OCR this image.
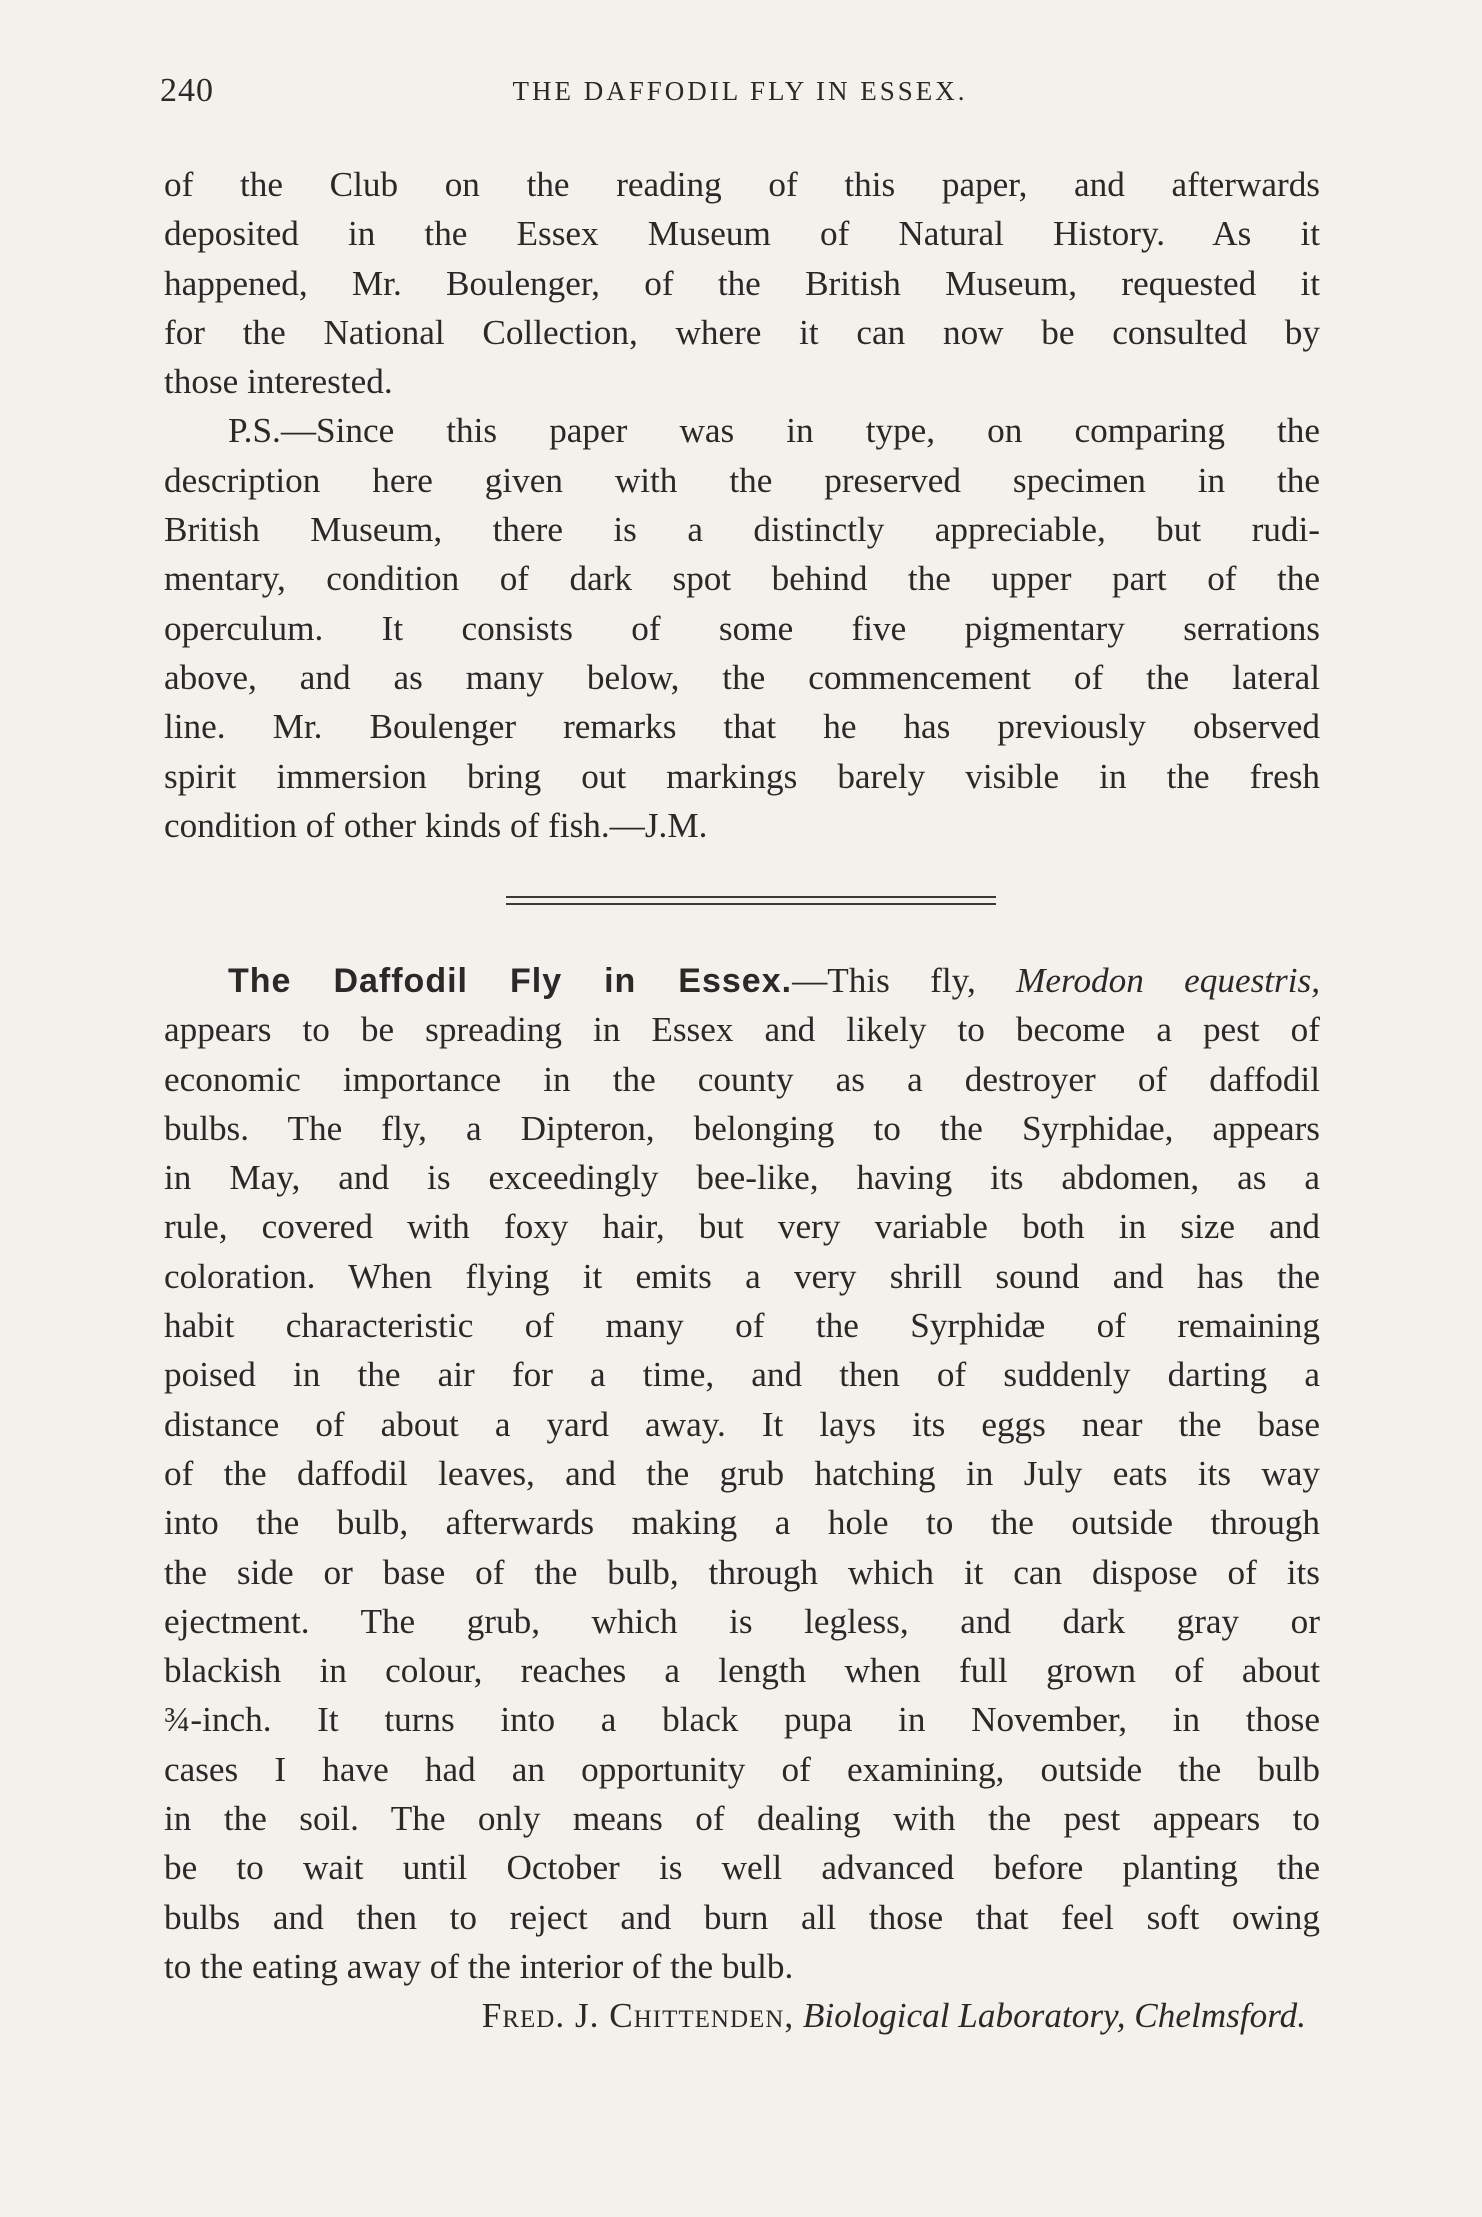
240	THE DAFFODIL FLY IN ESSEX.
of the Club on the reading of this paper, and afterwards
deposited in the Essex Museum of Natural History. As it
happened, Mr. Boulenger, of the British Museum, requested it
for the National Collection, where it can now be consulted by
those interested.
P.S.—Since this paper was in type, on comparing the
description here given with the preserved specimen in the
British Museum, there is a distinctly appreciable, but rudi-
mentary, condition of dark spot behind the upper part of the
operculum. It consists of some five pigmentary serrations
above, and as many below, the commencement of the lateral
line. Mr. Boulenger remarks that he has previously observed
spirit immersion bring out markings barely visible in the fresh
condition of other kinds of fish.—J.M.
The Daffodil Fly in Essex.—This fly, Merodon equestris,
appears to be spreading in Essex and likely to become a pest of
economic importance in the county as a destroyer of daffodil
bulbs. The fly, a Dipteron, belonging to the Syrphidae, appears
in May, and is exceedingly bee-like, having its abdomen, as a
rule, covered with foxy hair, but very variable both in size and
coloration. When flying it emits a very shrill sound and has the
habit characteristic of many of the Syrphidæ of remaining
poised in the air for a time, and then of suddenly darting a
distance of about a yard away. It lays its eggs near the base
of the daffodil leaves, and the grub hatching in July eats its way
into the bulb, afterwards making a hole to the outside through
the side or base of the bulb, through which it can dispose of its
ejectment. The grub, which is legless, and dark gray or
blackish in colour, reaches a length when full grown of about
¾-inch. It turns into a black pupa in November, in those
cases I have had an opportunity of examining, outside the bulb
in the soil. The only means of dealing with the pest appears to
be to wait until October is well advanced before planting the
bulbs and then to reject and burn all those that feel soft owing
to the eating away of the interior of the bulb.
Fred. J. Chittenden, Biological Laboratory, Chelmsford.
